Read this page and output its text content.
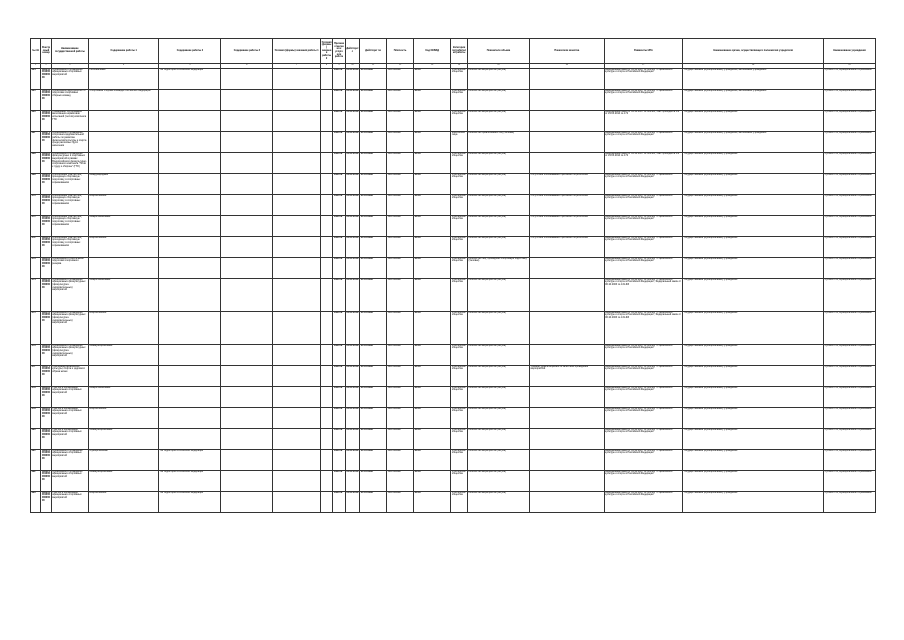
№ п/п	Реестровый номер	Наименование государственной работы	Содержание работы 1	Содержание работы 2	Содержание работы 3	Условия (формы) оказания работы 1	Условия (формы) оказания работы 2	Признак отнесения к услуге или работе	Действует с	Действует по	Платность	Код ОКВЭД	Категории потребителей работы	Показатели объема	Показатели качества	Реквизиты НПА	Наименование органа, осуществляющего полномочия учредителя	Наименование учреждения
1	2	3	4	5	6	7	8	9	10	11	12	13	14	15	16	17	18	19
364	09004100100000000000	Организация и проведение официальных спортивных мероприятий	Региональные	На территории Российской Федерации				Работа	01.01.2018	31.12.2099	бесплатная	93.19	В интересах общества	Количество мероприятий (Штука)		Федеральный закон от 04.12.2007 № 329-ФЗ "О физической культуре и спорте в Российской Федерации"	Государственные (муниципальные) учреждения, автономные учреждения	Субъект РФ, муниципальное образование
365	09005100100000000000	Организация мероприятий по подготовке спортивных сборных команд	Спортивные сборные команды Российской Федерации					Работа	01.01.2018	31.12.2099	бесплатная	93.19	В интересах общества	Количество мероприятий (Штука)		Федеральный закон от 04.12.2007 № 329-ФЗ "О физической культуре и спорте в Российской Федерации"	Государственные (муниципальные) учреждения, автономные учреждения	Субъект РФ, муниципальное образование
366	09006100100000000000	Проведение тестирования выполнения нормативов испытаний (тестов) комплекса ГТО						Работа	01.01.2018	31.12.2099	бесплатная	93.19	В интересах общества	Количество мероприятий (Штука)		Федеральный закон от 04.12.2007 № 329-ФЗ; Указ Президента РФ от 24.03.2014 № 172	Государственные (муниципальные) учреждения	Субъект РФ, муниципальное образование
367	09007100100000000000	Организация и проведение спортивно-оздоровительной работы по развитию физической культуры и спорта среди различных групп населения						Работа	01.01.2018	31.12.2099	бесплатная	93.19	Физические лица	Количество привлеченных лиц (Человек)		Федеральный закон от 04.12.2007 № 329-ФЗ "О физической культуре и спорте в Российской Федерации"	Государственные (муниципальные) учреждения, автономные учреждения	Субъект РФ, муниципальное образование
368	09008100100000000000	Организация и проведение физкультурных и спортивных мероприятий в рамках Всероссийского физкультурно-спортивного комплекса "Готов к труду и обороне" (ГТО)						Работа	01.01.2018	31.12.2099	бесплатная	93.19	В интересах общества	Количество мероприятий (Штука)		Федеральный закон от 04.12.2007 № 329-ФЗ; Указ Президента РФ от 24.03.2014 № 172	Государственные (муниципальные) учреждения	Субъект РФ, муниципальное образование
369	09009100100000000000	Обеспечение участия лиц, проходящих спортивную подготовку, в спортивных соревнованиях	Международные					Работа	01.01.2018	31.12.2099	бесплатная	93.19	В интересах общества	Количество мероприятий (Штука)	Отсутствие обоснованных претензий потребителей	Федеральный закон от 04.12.2007 № 329-ФЗ "О физической культуре и спорте в Российской Федерации"	Государственные (муниципальные) учреждения	Субъект РФ, муниципальное образование
370	09010100100000000000	Обеспечение участия лиц, проходящих спортивную подготовку, в спортивных соревнованиях	Всероссийские					Работа	01.01.2018	31.12.2099	бесплатная	93.19	В интересах общества	Количество мероприятий (Штука)	Отсутствие обоснованных претензий потребителей	Федеральный закон от 04.12.2007 № 329-ФЗ "О физической культуре и спорте в Российской Федерации"	Государственные (муниципальные) учреждения	Субъект РФ, муниципальное образование
371	09011100100000000000	Обеспечение участия лиц, проходящих спортивную подготовку, в спортивных соревнованиях	Межрегиональные					Работа	01.01.2018	31.12.2099	бесплатная	93.19	В интересах общества	Количество мероприятий (Штука)	Отсутствие обоснованных претензий потребителей	Федеральный закон от 04.12.2007 № 329-ФЗ "О физической культуре и спорте в Российской Федерации"	Государственные (муниципальные) учреждения	Субъект РФ, муниципальное образование
372	09012100100000000000	Обеспечение участия лиц, проходящих спортивную подготовку, в спортивных соревнованиях	Всероссийские					Работа	01.01.2018	31.12.2099	бесплатная	93.19	В интересах общества	Количество мероприятий (Штука)	Отсутствие обоснованных претензий потребителей	Федеральный закон от 04.12.2007 № 329-ФЗ "О физической культуре и спорте в Российской Федерации"	Государственные (муниципальные) учреждения	Субъект РФ, муниципальное образование
373	09013100100000000000	Организация и обеспечение подготовки спортивного резерва						Работа	01.01.2018	31.12.2099	бесплатная	93.19	В интересах общества	Количество лиц, прошедших спортивную подготовку (Человек)		Федеральный закон от 04.12.2007 № 329-ФЗ "О физической культуре и спорте в Российской Федерации"	Государственные (муниципальные) учреждения	Субъект РФ, муниципальное образование
374	09014100100000000000	Организация и проведение официальных физкультурных (физкультурно-оздоровительных) мероприятий	Межрегиональные					Работа	01.01.2018	31.12.2099	бесплатная	93.19	В интересах общества	Количество мероприятий (Штука)		Федеральный закон от 04.12.2007 № 329-ФЗ "О физической культуре и спорте в Российской Федерации"; Федеральный закон от 06.10.2003 № 131-ФЗ	Государственные (муниципальные) учреждения	Субъект РФ, муниципальное образование
375	09015100100000000000	Организация и проведение официальных физкультурных (физкультурно-оздоровительных) мероприятий	Всероссийские					Работа	01.01.2018	31.12.2099	бесплатная	93.19	В интересах общества	Количество мероприятий (Штука)		Федеральный закон от 04.12.2007 № 329-ФЗ "О физической культуре и спорте в Российской Федерации"; Федеральный закон от 06.10.2003 № 131-ФЗ	Государственные (муниципальные) учреждения	Субъект РФ, муниципальное образование
376	09016100100000000000	Организация и проведение официальных физкультурных (физкультурно-оздоровительных) мероприятий	Межмуниципальные					Работа	01.01.2018	31.12.2099	бесплатная	93.19	В интересах общества	Количество мероприятий (Штука)		Федеральный закон от 04.12.2007 № 329-ФЗ "О физической культуре и спорте в Российской Федерации"	Государственные (муниципальные) учреждения	Субъект РФ, муниципальное образование
377	09017100100000000000	Пропаганда физической культуры, спорта и здорового образа жизни						Работа	01.01.2018	31.12.2099	бесплатная	93.19	В интересах общества	Количество мероприятий (Штука)	Уровень удовлетворенности качеством проведения мероприятий	Федеральный закон от 04.12.2007 № 329-ФЗ "О физической культуре и спорте в Российской Федерации"	Государственные (муниципальные) учреждения	Субъект РФ, муниципальное образование
378	09018100100000000000	Участие в организации официальных спортивных мероприятий	Межрегиональные					Работа	01.01.2018	31.12.2099	бесплатная	93.19	В интересах общества	Количество мероприятий (Штука)		Федеральный закон от 04.12.2007 № 329-ФЗ "О физической культуре и спорте в Российской Федерации"	Государственные (муниципальные) учреждения	Субъект РФ, муниципальное образование
379	09019100100000000000	Участие в организации официальных спортивных мероприятий	Всероссийские					Работа	01.01.2018	31.12.2099	бесплатная	93.19	В интересах общества	Количество мероприятий (Штука)		Федеральный закон от 04.12.2007 № 329-ФЗ "О физической культуре и спорте в Российской Федерации"	Государственные (муниципальные) учреждения	Субъект РФ, муниципальное образование
380	09020100100000000000	Участие в организации официальных спортивных мероприятий	Межмуниципальные					Работа	01.01.2018	31.12.2099	бесплатная	93.19	В интересах общества	Количество мероприятий (Штука)		Федеральный закон от 04.12.2007 № 329-ФЗ "О физической культуре и спорте в Российской Федерации"	Государственные (муниципальные) учреждения	Субъект РФ, муниципальное образование
381	09021100100000000000	Организация и проведение официальных спортивных мероприятий	Муниципальные	На территории Российской Федерации				Работа	01.01.2018	31.12.2099	бесплатная	93.19	В интересах общества	Количество мероприятий (Штука)		Федеральный закон от 04.12.2007 № 329-ФЗ "О физической культуре и спорте в Российской Федерации"	Государственные (муниципальные) учреждения	Субъект РФ, муниципальное образование
382	09022100100000000000	Организация и проведение официальных спортивных мероприятий	Межмуниципальные	На территории Российской Федерации				Работа	01.01.2018	31.12.2099	бесплатная	93.19	В интересах общества	Количество мероприятий (Штука)		Федеральный закон от 04.12.2007 № 329-ФЗ "О физической культуре и спорте в Российской Федерации"	Государственные (муниципальные) учреждения	Субъект РФ, муниципальное образование
383	09023100100000000000	Участие в организации официальных спортивных мероприятий	Всероссийские	На территории Российской Федерации				Работа	01.01.2018	31.12.2099	бесплатная	93.19	В интересах общества	Количество мероприятий (Штука)		Федеральный закон от 04.12.2007 № 329-ФЗ "О физической культуре и спорте в Российской Федерации"	Государственные (муниципальные) учреждения	Субъект РФ, муниципальное образование
